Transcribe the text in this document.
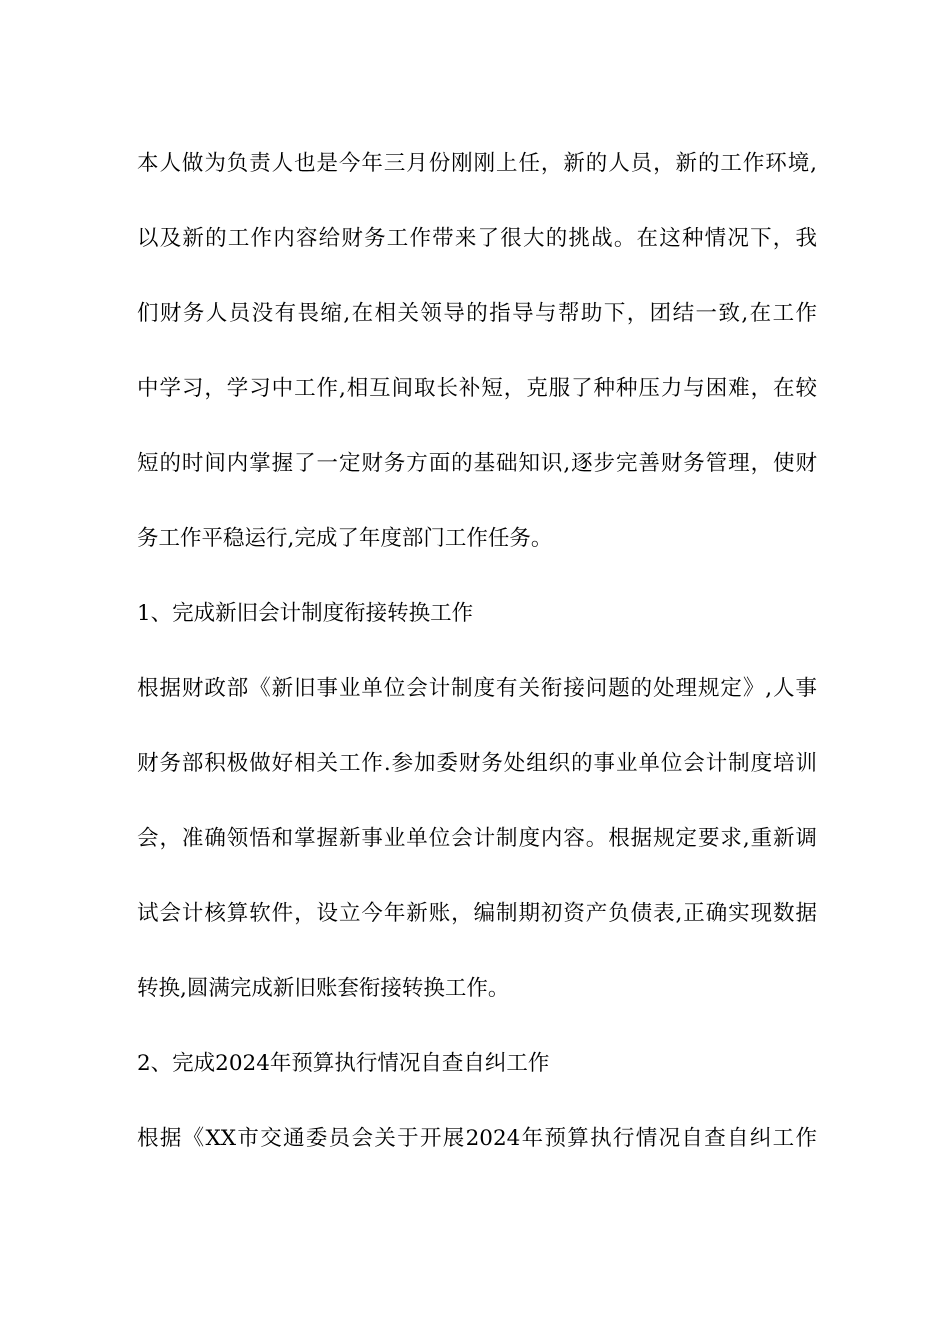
本人做为负责人也是今年三月份刚刚上任，新的人员，新的工作环境,
以及新的工作内容给财务工作带来了很大的挑战。在这种情况下，我
们财务人员没有畏缩,在相关领导的指导与帮助下，团结一致,在工作
中学习，学习中工作,相互间取长补短，克服了种种压力与困难，在较
短的时间内掌握了一定财务方面的基础知识,逐步完善财务管理，使财
务工作平稳运行,完成了年度部门工作任务。
1、完成新旧会计制度衔接转换工作
根据财政部《新旧事业单位会计制度有关衔接问题的处理规定》,人事
财务部积极做好相关工作.参加委财务处组织的事业单位会计制度培训
会，准确领悟和掌握新事业单位会计制度内容。根据规定要求,重新调
试会计核算软件，设立今年新账，编制期初资产负债表,正确实现数据
转换,圆满完成新旧账套衔接转换工作。
2、完成2024年预算执行情况自查自纠工作
根据《XX市交通委员会关于开展2024年预算执行情况自查自纠工作
